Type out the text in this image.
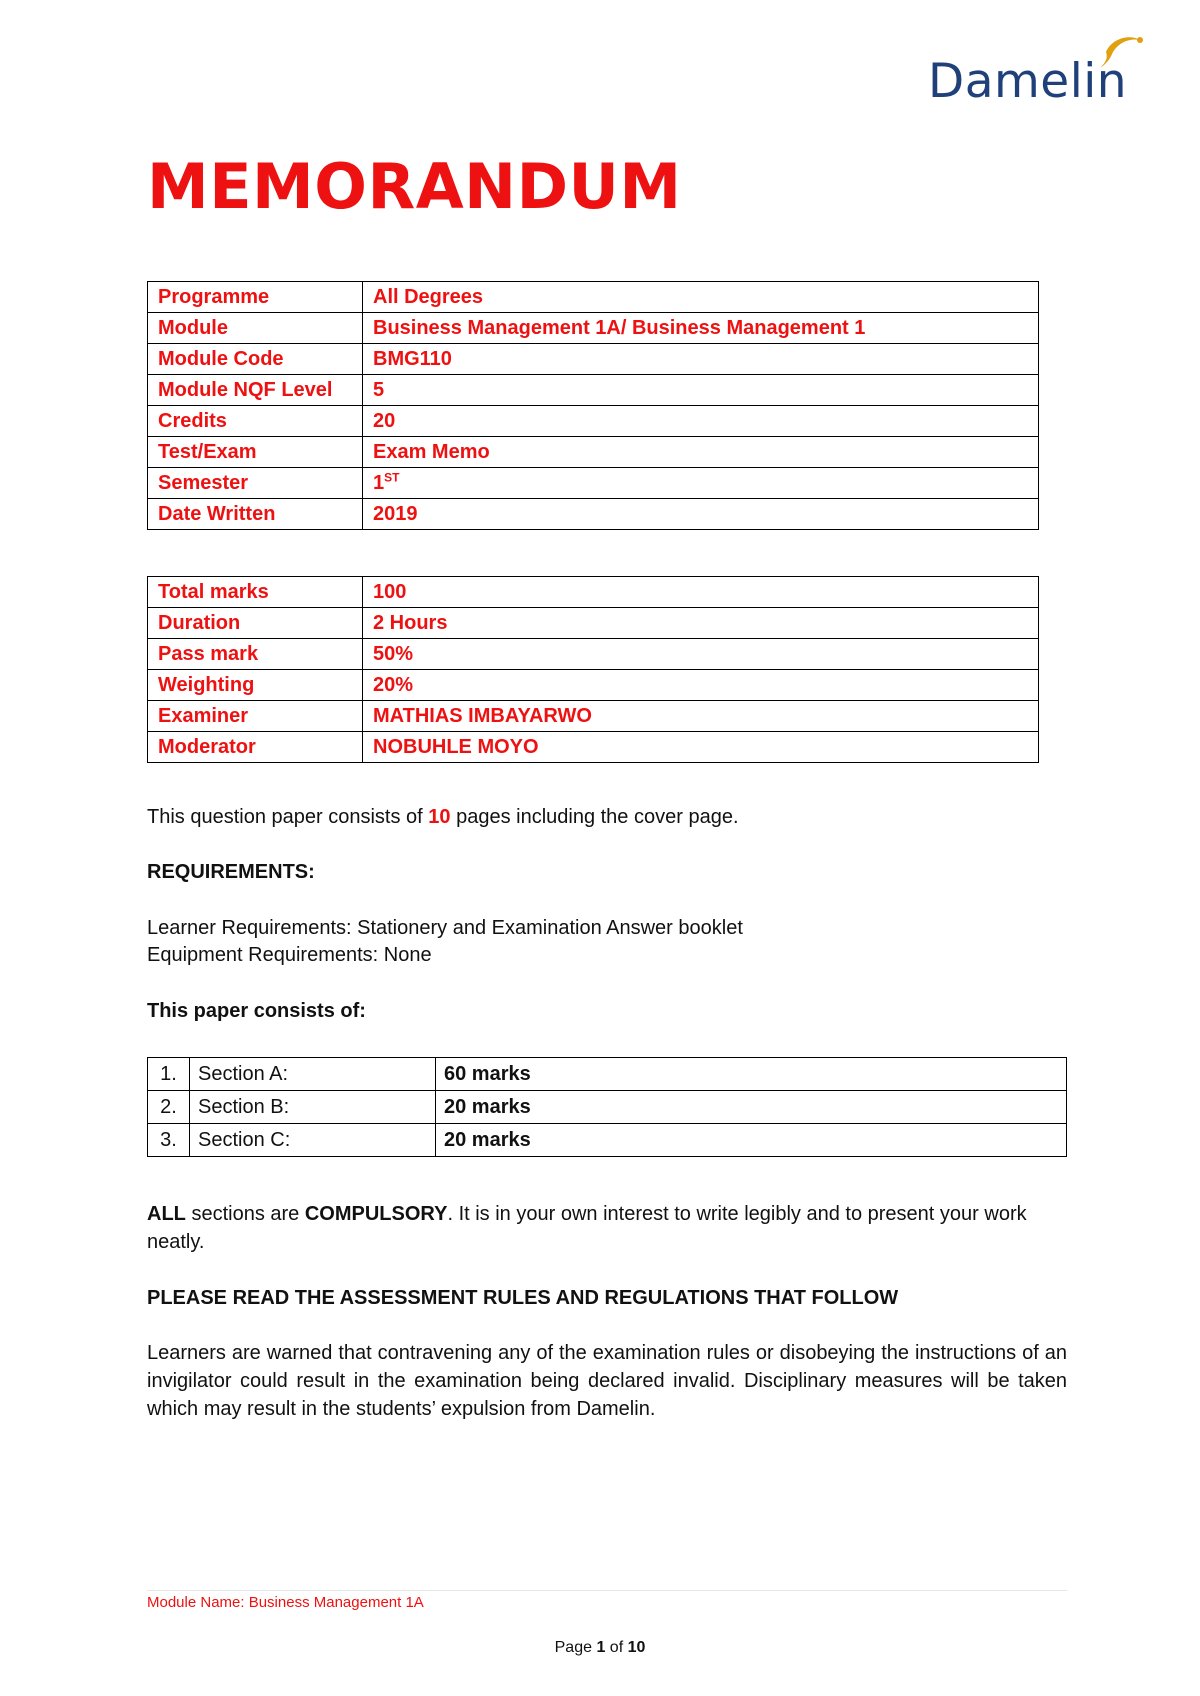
Damelin
MEMORANDUM
Programme	All Degrees
Module	Business Management 1A/ Business Management 1
Module Code	BMG110
Module NQF Level	5
Credits	20
Test/Exam	Exam Memo
Semester	1ST
Date Written	2019
Total marks	100
Duration	2 Hours
Pass mark	50%
Weighting	20%
Examiner	MATHIAS IMBAYARWO
Moderator	NOBUHLE MOYO

This question paper consists of 10 pages including the cover page.

REQUIREMENTS:

Learner Requirements: Stationery and Examination Answer booklet

Equipment Requirements: None

This paper consists of:

1.	Section A:	60 marks
2.	Section B:	20 marks
3.	Section C:	20 marks

ALL sections are COMPULSORY. It is in your own interest to write legibly and to present your work neatly.

PLEASE READ THE ASSESSMENT RULES AND REGULATIONS THAT FOLLOW

Learners are warned that contravening any of the examination rules or disobeying the instructions of an invigilator could result in the examination being declared invalid. Disciplinary measures will be taken which may result in the students’ expulsion from Damelin.

Module Name: Business Management 1A
Page 1 of 10
